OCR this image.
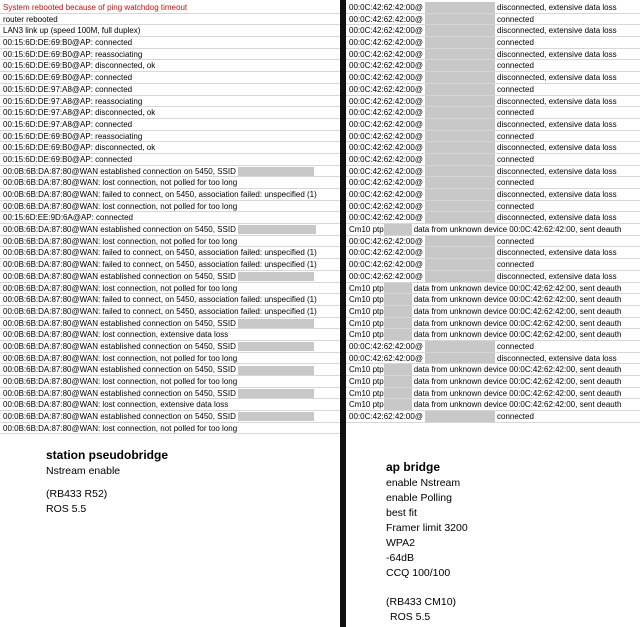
System rebooted because of ping watchdog timeout
router rebooted
LAN3 link up (speed 100M, full duplex)
00:15:6D:DE:69:B0@AP: connected
00:15:6D:DE:69:B0@AP: reassociating
00:15:6D:DE:69:B0@AP: disconnected, ok
00:15:6D:DE:69:B0@AP: connected
00:15:6D:DE:97:A8@AP: connected
00:15:6D:DE:97:A8@AP: reassociating
00:15:6D:DE:97:A8@AP: disconnected, ok
00:15:6D:DE:97:A8@AP: connected
00:15:6D:DE:69:B0@AP: reassociating
00:15:6D:DE:69:B0@AP: disconnected, ok
00:15:6D:DE:69:B0@AP: connected
00:0B:6B:DA:87:80@WAN established connection on 5450, SSID
00:0B:6B:DA:87:80@WAN: lost connection, not polled for too long
00:0B:6B:DA:87:80@WAN: failed to connect, on 5450, association failed: unspecified (1)
00:0B:6B:DA:87:80@WAN: lost connection, not polled for too long
00:15:6D:EE:9D:6A@AP: connected
00:0B:6B:DA:87:80@WAN established connection on 5450, SSID
00:0B:6B:DA:87:80@WAN: lost connection, not polled for too long
00:0B:6B:DA:87:80@WAN: failed to connect, on 5450, association failed: unspecified (1)
00:0B:6B:DA:87:80@WAN: failed to connect, on 5450, association failed: unspecified (1)
00:0B:6B:DA:87:80@WAN established connection on 5450, SSID
00:0B:6B:DA:87:80@WAN: lost connection, not polled for too long
00:0B:6B:DA:87:80@WAN: failed to connect, on 5450, association failed: unspecified (1)
00:0B:6B:DA:87:80@WAN: failed to connect, on 5450, association failed: unspecified (1)
00:0B:6B:DA:87:80@WAN established connection on 5450, SSID
00:0B:6B:DA:87:80@WAN: lost connection, extensive data loss
00:0B:6B:DA:87:80@WAN established connection on 5450, SSID
00:0B:6B:DA:87:80@WAN: lost connection, not polled for too long
00:0B:6B:DA:87:80@WAN established connection on 5450, SSID
00:0B:6B:DA:87:80@WAN: lost connection, not polled for too long
00:0B:6B:DA:87:80@WAN established connection on 5450, SSID
00:0B:6B:DA:87:80@WAN: lost connection, extensive data loss
00:0B:6B:DA:87:80@WAN established connection on 5450, SSID
00:0B:6B:DA:87:80@WAN: lost connection, not polled for too long
station pseudobridge
Nstream enable
(RB433 R52)
ROS 5.5
00:0C:42:62:42:00@	disconnected, extensive data loss
00:0C:42:62:42:00@	connected
00:0C:42:62:42:00@	disconnected, extensive data loss
00:0C:42:62:42:00@	connected
00:0C:42:62:42:00@	disconnected, extensive data loss
00:0C:42:62:42:00@	connected
00:0C:42:62:42:00@	disconnected, extensive data loss
00:0C:42:62:42:00@	connected
00:0C:42:62:42:00@	disconnected, extensive data loss
00:0C:42:62:42:00@	connected
00:0C:42:62:42:00@	disconnected, extensive data loss
00:0C:42:62:42:00@	connected
00:0C:42:62:42:00@	disconnected, extensive data loss
00:0C:42:62:42:00@	connected
00:0C:42:62:42:00@	disconnected, extensive data loss
00:0C:42:62:42:00@	connected
00:0C:42:62:42:00@	disconnected, extensive data loss
00:0C:42:62:42:00@	connected
00:0C:42:62:42:00@	disconnected, extensive data loss
Cm10 ptp	data from unknown device 00:0C:42:62:42:00, sent deauth
00:0C:42:62:42:00@	connected
00:0C:42:62:42:00@	disconnected, extensive data loss
00:0C:42:62:42:00@	connected
00:0C:42:62:42:00@	disconnected, extensive data loss
Cm10 ptp	data from unknown device 00:0C:42:62:42:00, sent deauth
Cm10 ptp	data from unknown device 00:0C:42:62:42:00, sent deauth
Cm10 ptp	data from unknown device 00:0C:42:62:42:00, sent deauth
Cm10 ptp	data from unknown device 00:0C:42:62:42:00, sent deauth
Cm10 ptp	data from unknown device 00:0C:42:62:42:00, sent deauth
00:0C:42:62:42:00@	connected
00:0C:42:62:42:00@	disconnected, extensive data loss
Cm10 ptp	data from unknown device 00:0C:42:62:42:00, sent deauth
Cm10 ptp	data from unknown device 00:0C:42:62:42:00, sent deauth
Cm10 ptp	data from unknown device 00:0C:42:62:42:00, sent deauth
Cm10 ptp	data from unknown device 00:0C:42:62:42:00, sent deauth
00:0C:42:62:42:00@	connected
ap bridge
enable Nstream
enable Polling
best fit
Framer limit 3200
WPA2
-64dB
CCQ 100/100
(RB433 CM10)
ROS 5.5
